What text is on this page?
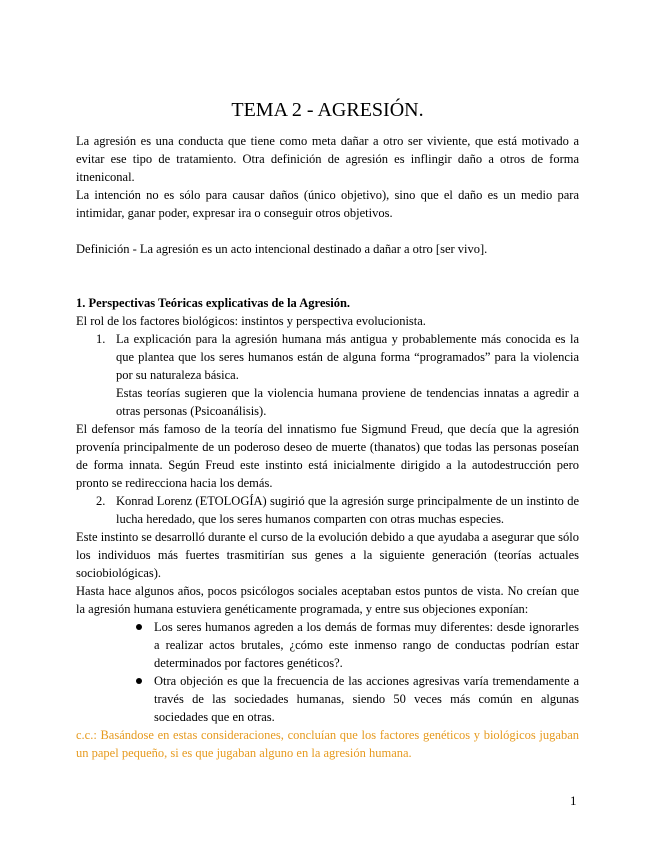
TEMA 2 - AGRESIÓN.

La agresión es una conducta que tiene como meta dañar a otro ser viviente, que está motivado a evitar ese tipo de tratamiento. Otra definición de agresión es inflingir daño a otros de forma itneniconal.

La intención no es sólo para causar daños (único objetivo), sino que el daño es un medio para intimidar, ganar poder, expresar ira o conseguir otros objetivos.

Definición - La agresión es un acto intencional destinado a dañar a otro [ser vivo].

1. Perspectivas Teóricas explicativas de la Agresión.

El rol de los factores biológicos: instintos y perspectiva evolucionista.

1. La explicación para la agresión humana más antigua y probablemente más conocida es la que plantea que los seres humanos están de alguna forma “programados” para la violencia por su naturaleza básica.

Estas teorías sugieren que la violencia humana proviene de tendencias innatas a agredir a otras personas (Psicoanálisis).

El defensor más famoso de la teoría del innatismo fue Sigmund Freud, que decía que la agresión provenía principalmente de un poderoso deseo de muerte (thanatos) que todas las personas poseían de forma innata. Según Freud este instinto está inicialmente dirigido a la autodestrucción pero pronto se redirecciona hacia los demás.

2. Konrad Lorenz (ETOLOGÍA) sugirió que la agresión surge principalmente de un instinto de lucha heredado, que los seres humanos comparten con otras muchas especies.

Este instinto se desarrolló durante el curso de la evolución debido a que ayudaba a asegurar que sólo los individuos más fuertes trasmitirían sus genes a la siguiente generación (teorías actuales sociobiológicas).

Hasta hace algunos años, pocos psicólogos sociales aceptaban estos puntos de vista. No creían que la agresión humana estuviera genéticamente programada, y entre sus objeciones exponían:

Los seres humanos agreden a los demás de formas muy diferentes: desde ignorarles a realizar actos brutales, ¿cómo este inmenso rango de conductas podrían estar determinados por factores genéticos?.

Otra objeción es que la frecuencia de las acciones agresivas varía tremendamente a través de las sociedades humanas, siendo 50 veces más común en algunas sociedades que en otras.

c.c.: Basándose en estas consideraciones, concluían que los factores genéticos y biológicos jugaban un papel pequeño, si es que jugaban alguno en la agresión humana.

1
